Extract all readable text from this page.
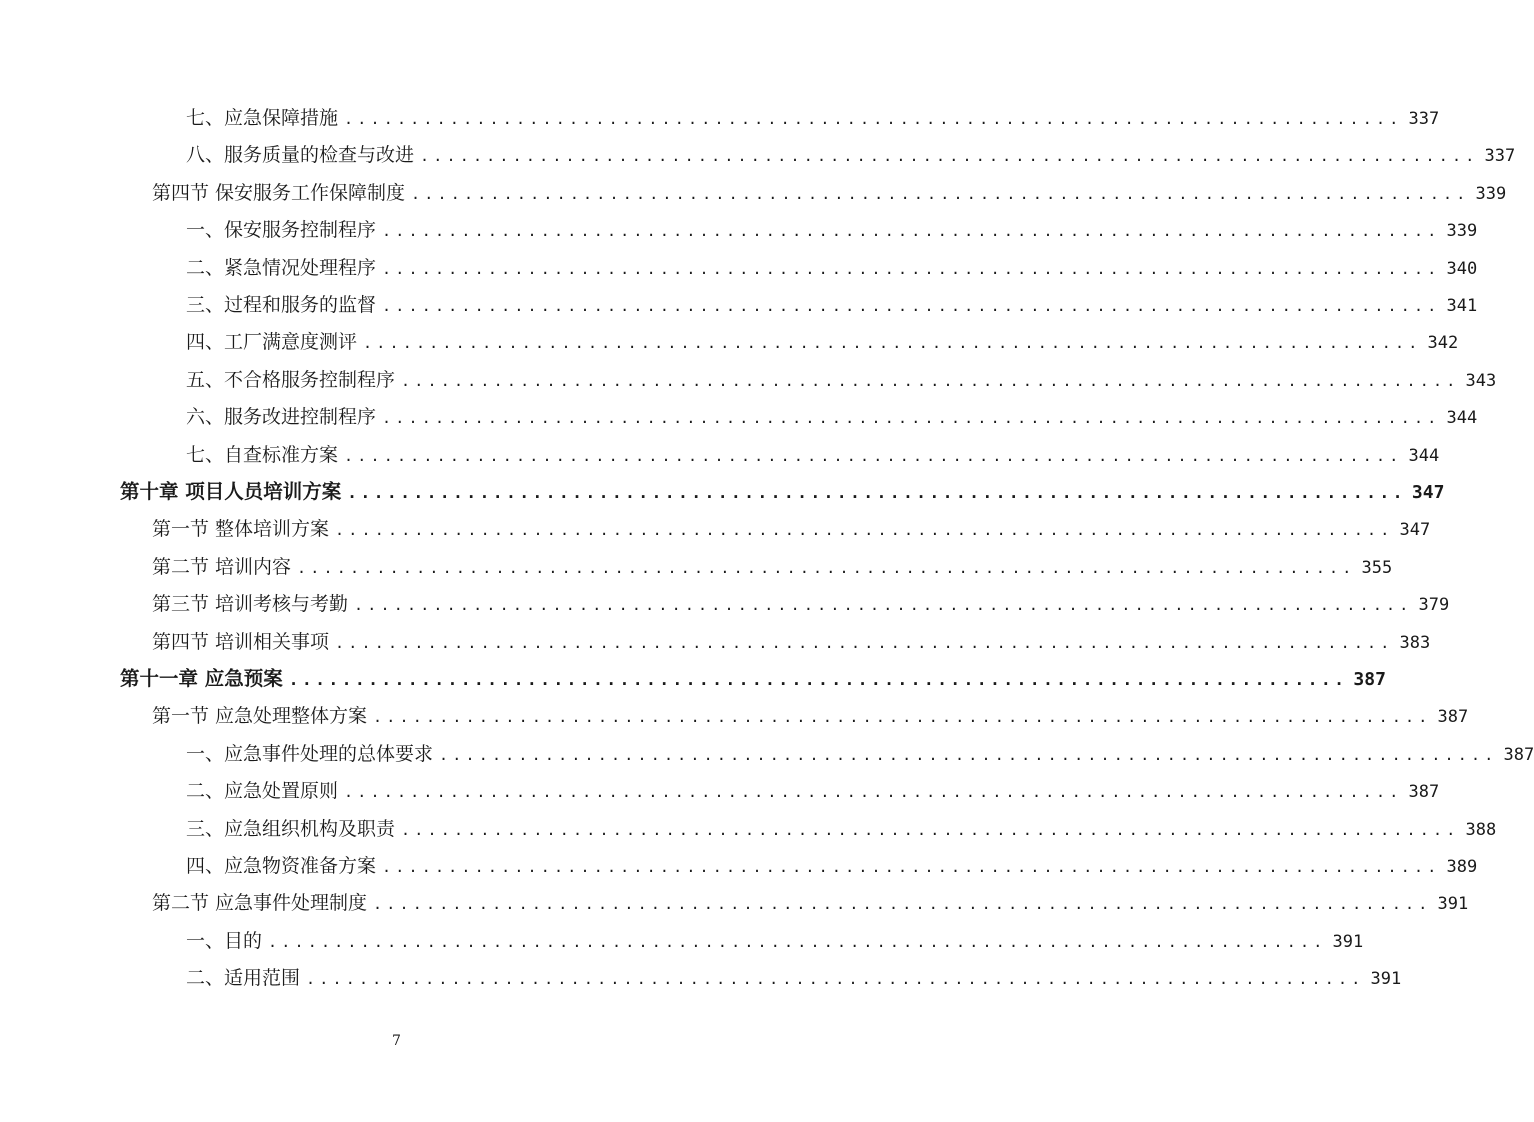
七、应急保障措施 ................................................................................ 337
八、服务质量的检查与改进 ................................................................................ 337
第四节 保安服务工作保障制度 ................................................................................ 339
一、保安服务控制程序 ................................................................................ 339
二、紧急情况处理程序 ................................................................................ 340
三、过程和服务的监督 ................................................................................ 341
四、工厂满意度测评 ................................................................................ 342
五、不合格服务控制程序 ................................................................................ 343
六、服务改进控制程序 ................................................................................ 344
七、自查标准方案 ................................................................................ 344
第十章 项目人员培训方案 ................................................................................ 347
第一节 整体培训方案 ................................................................................ 347
第二节 培训内容 ................................................................................ 355
第三节 培训考核与考勤 ................................................................................ 379
第四节 培训相关事项 ................................................................................ 383
第十一章 应急预案 ................................................................................ 387
第一节 应急处理整体方案 ................................................................................ 387
一、应急事件处理的总体要求 ................................................................................ 387
二、应急处置原则 ................................................................................ 387
三、应急组织机构及职责 ................................................................................ 388
四、应急物资准备方案 ................................................................................ 389
第二节 应急事件处理制度 ................................................................................ 391
一、目的 ................................................................................ 391
二、适用范围 ................................................................................ 391
7
